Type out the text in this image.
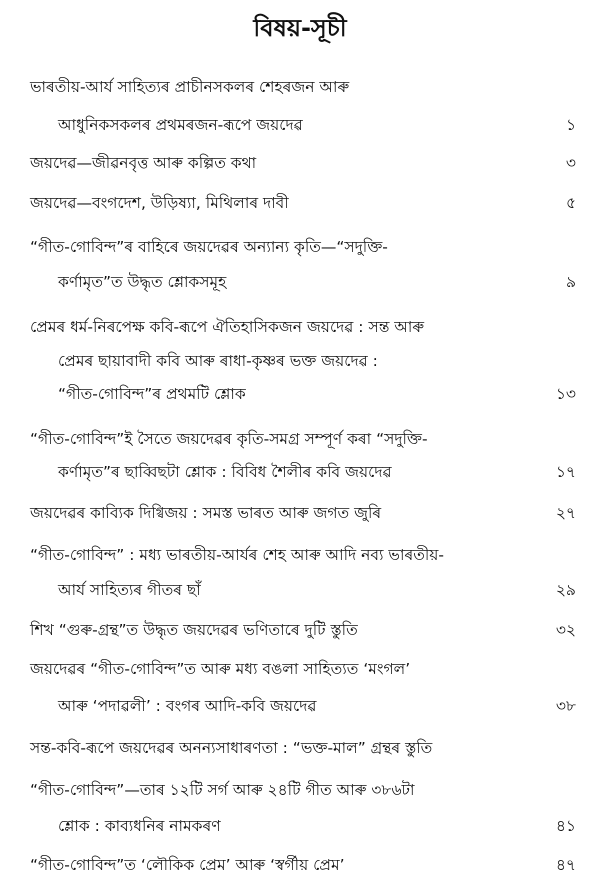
বিষয়-সূচী
ভাৰতীয়-আৰ্য সাহিত্যৰ প্ৰাচীনসকলৰ শেহৰজন আৰু
আধুনিকসকলৰ প্ৰথমৰজন-ৰূপে জয়দেৱ	১
জয়দেৱ—জীৱনবৃত্ত আৰু কল্পিত কথা	৩
জয়দেৱ—বংগদেশ, উড়িষ্যা, মিথিলাৰ দাবী	৫
“গীত-গোবিন্দ”ৰ বাহিৰে জয়দেৱৰ অন্যান্য কৃতি—“সদুক্তি-
কৰ্ণামৃত”ত উদ্ধৃত শ্লোকসমূহ	৯
প্ৰেমৰ ধৰ্ম-নিৰপেক্ষ কবি-ৰূপে ঐতিহাসিকজন জয়দেৱ : সন্ত আৰু
প্ৰেমৰ ছায়াবাদী কবি আৰু ৰাধা-কৃষ্ণৰ ভক্ত জয়দেৱ :
“গীত-গোবিন্দ”ৰ প্ৰথমটি শ্লোক	১৩
“গীত-গোবিন্দ”ই সৈতে জয়দেৱৰ কৃতি-সমগ্ৰ সম্পূৰ্ণ কৰা “সদুক্তি-
কৰ্ণামৃত”ৰ ছাব্বিছটা শ্লোক : বিবিধ শৈলীৰ কবি জয়দেৱ	১৭
জয়দেৱৰ কাব্যিক দিগ্বিজয় : সমস্ত ভাৰত আৰু জগত জুৰি	২৭
“গীত-গোবিন্দ” : মধ্য ভাৰতীয়-আৰ্যৰ শেহ আৰু আদি নব্য ভাৰতীয়-
আৰ্য সাহিত্যৰ গীতৰ ছাঁ	২৯
শিখ “গুৰু-গ্ৰন্থ”ত উদ্ধৃত জয়দেৱৰ ভণিতাৰে দুটি স্তুতি	৩২
জয়দেৱৰ “গীত-গোবিন্দ”ত আৰু মধ্য বঙলা সাহিত্যত ‘মংগল’
আৰু ‘পদাৱলী’ : বংগৰ আদি-কবি জয়দেৱ	৩৮
সন্ত-কবি-ৰূপে জয়দেৱৰ অনন্যসাধাৰণতা : “ভক্ত-মাল” গ্ৰন্থৰ স্তুতি
“গীত-গোবিন্দ”—তাৰ ১২টি সৰ্গ আৰু ২৪টি গীত আৰু ৩৮৬টা
শ্লোক : কাব্যধনিৰ নামকৰণ	৪১
“গীত-গোবিন্দ”ত ‘লৌকিক প্ৰেম’ আৰু ‘স্বৰ্গীয় প্ৰেম’	৪৭
